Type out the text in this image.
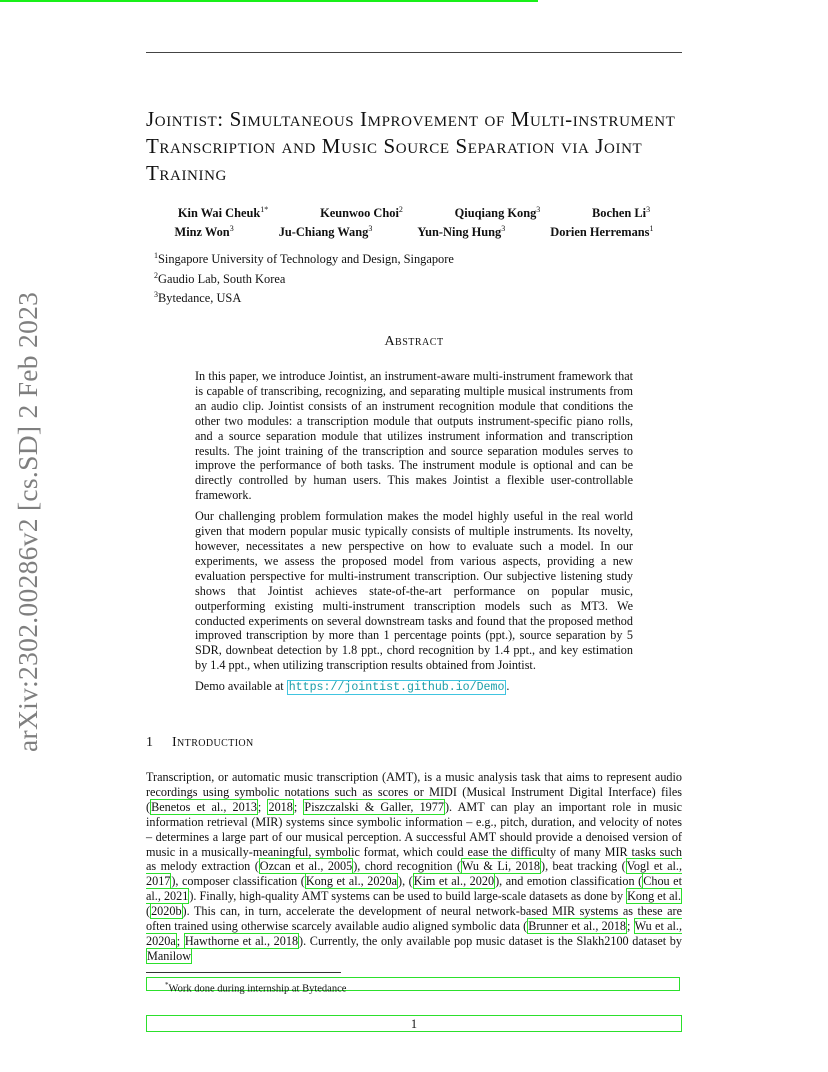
Jointist: Simultaneous Improvement of Multi-instrument Transcription and Music Source Separation via Joint Training
Kin Wai Cheuk$^{1*}$	Keunwoo Choi$^2$	Qiuqiang Kong$^3$	Bochen Li$^3$
Minz Won$^3$	Ju-Chiang Wang$^3$	Yun-Ning Hung$^3$	Dorien Herremans$^1$
$^1$Singapore University of Technology and Design, Singapore
$^2$Gaudio Lab, South Korea
$^3$Bytedance, USA
Abstract

In this paper, we introduce Jointist, an instrument-aware multi-instrument framework that is capable of transcribing, recognizing, and separating multiple musical instruments from an audio clip. Jointist consists of an instrument recognition module that conditions the other two modules: a transcription module that outputs instrument-specific piano rolls, and a source separation module that utilizes instrument information and transcription results. The joint training of the transcription and source separation modules serves to improve the performance of both tasks. The instrument module is optional and can be directly controlled by human users. This makes Jointist a flexible user-controllable framework.

Our challenging problem formulation makes the model highly useful in the real world given that modern popular music typically consists of multiple instruments. Its novelty, however, necessitates a new perspective on how to evaluate such a model. In our experiments, we assess the proposed model from various aspects, providing a new evaluation perspective for multi-instrument transcription. Our subjective listening study shows that Jointist achieves state-of-the-art performance on popular music, outperforming existing multi-instrument transcription models such as MT3. We conducted experiments on several downstream tasks and found that the proposed method improved transcription by more than 1 percentage points (ppt.), source separation by 5 SDR, downbeat detection by 1.8 ppt., chord recognition by 1.4 ppt., and key estimation by 1.4 ppt., when utilizing transcription results obtained from Jointist.

Demo available at https://jointist.github.io/Demo .

1 Introduction

Transcription, or automatic music transcription (AMT), is a music analysis task that aims to represent audio recordings using symbolic notations such as scores or MIDI (Musical Instrument Digital Interface) files (Benetos et al., 2013; 2018; Piszczalski & Galler, 1977). AMT can play an important role in music information retrieval (MIR) systems since symbolic information – e.g., pitch, duration, and velocity of notes – determines a large part of our musical perception. A successful AMT should provide a denoised version of music in a musically-meaningful, symbolic format, which could ease the difficulty of many MIR tasks such as melody extraction (Ozcan et al., 2005), chord recognition (Wu & Li, 2018), beat tracking (Vogl et al., 2017), composer classification (Kong et al., 2020a), (Kim et al., 2020), and emotion classification (Chou et al., 2021). Finally, high-quality AMT systems can be used to build large-scale datasets as done by Kong et al. (2020b). This can, in turn, accelerate the development of neural network-based MIR systems as these are often trained using otherwise scarcely available audio aligned symbolic data (Brunner et al., 2018; Wu et al., 2020a; Hawthorne et al., 2018). Currently, the only available pop music dataset is the Slakh2100 dataset by Manilow

*Work done during internship at Bytedance
1
arXiv:2302.00286v2 [cs.SD] 2 Feb 2023
